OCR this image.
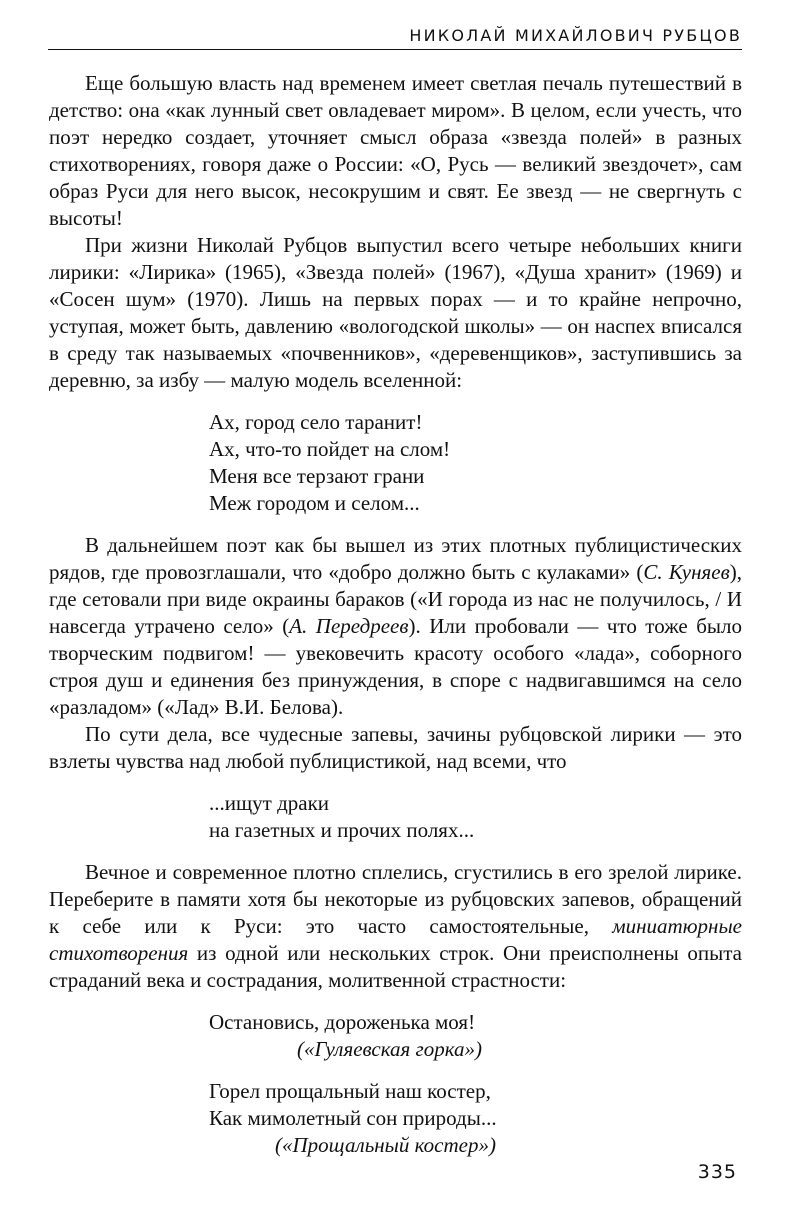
НИКОЛАЙ МИХАЙЛОВИЧ РУБЦОВ

Еще большую власть над временем имеет светлая печаль путешествий в детство: она «как лунный свет овладевает миром». В целом, если учесть, что поэт нередко создает, уточняет смысл образа «звезда полей» в разных стихотворениях, говоря даже о России: «О, Русь — великий звездочет», сам образ Руси для него высок, несокрушим и свят. Ее звезд — не свергнуть с высоты!

При жизни Николай Рубцов выпустил всего четыре небольших книги лирики: «Лирика» (1965), «Звезда полей» (1967), «Душа хранит» (1969) и «Сосен шум» (1970). Лишь на первых порах — и то крайне непрочно, уступая, может быть, давлению «вологодской школы» — он наспех вписался в среду так называемых «почвенников», «деревенщиков», заступившись за деревню, за избу — малую модель вселенной:

Ах, город село таранит!
Ах, что-то пойдет на слом!
Меня все терзают грани
Меж городом и селом...

В дальнейшем поэт как бы вышел из этих плотных публицистических рядов, где провозглашали, что «добро должно быть с кулаками» (С. Куняев), где сетовали при виде окраины бараков («И города из нас не получилось, / И навсегда утрачено село» (А. Передреев). Или пробовали — что тоже было творческим подвигом! — увековечить красоту особого «лада», соборного строя душ и единения без принуждения, в споре с надвигавшимся на село «разладом» («Лад» В.И. Белова).

По сути дела, все чудесные запевы, зачины рубцовской лирики — это взлеты чувства над любой публицистикой, над всеми, что

...ищут драки
на газетных и прочих полях...

Вечное и современное плотно сплелись, сгустились в его зрелой лирике. Переберите в памяти хотя бы некоторые из рубцовских запевов, обращений к себе или к Руси: это часто самостоятельные, миниатюрные стихотворения из одной или нескольких строк. Они преисполнены опыта страданий века и сострадания, молитвенной страстности:

Остановись, дороженька моя!
(«Гуляевская горка»)
Горел прощальный наш костер,
Как мимолетный сон природы...
(«Прощальный костер»)
335
